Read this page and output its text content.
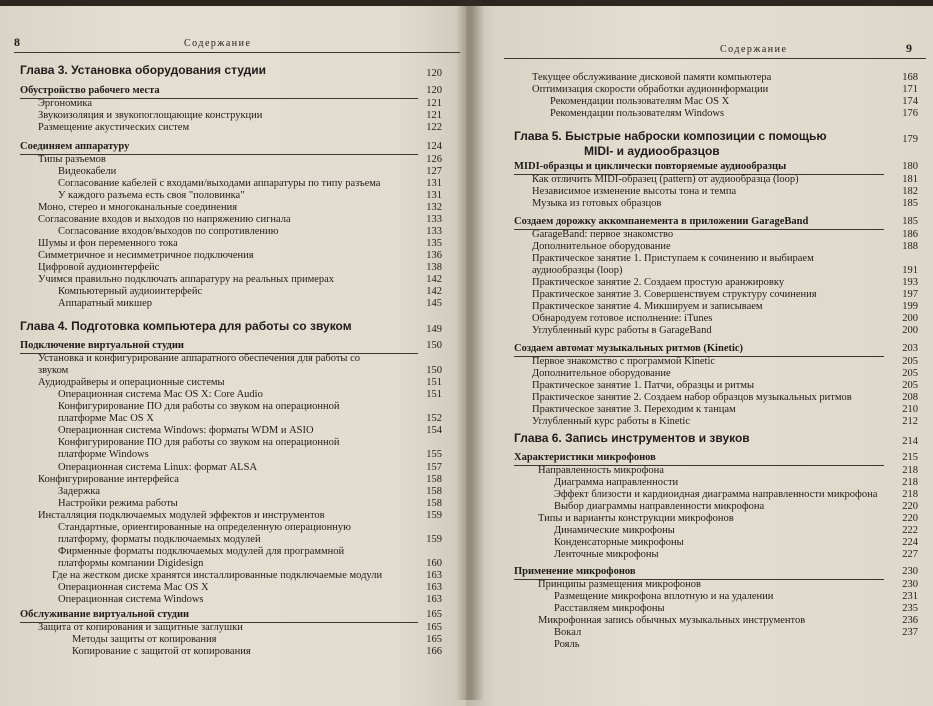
8	Содержание
Глава 3. Установка оборудования студии	120
Обустройство рабочего места	120
Эргономика	121
Звукоизоляция и звукопоглощающие конструкции	121
Размещение акустических систем	122
Соединяем аппаратуру	124
Типы разъемов	126
Видеокабели	127
Согласование кабелей с входами/выходами аппаратуры по типу разъема	131
У каждого разъема есть своя "половинка"	131
Моно, стерео и многоканальные соединения	132
Согласование входов и выходов по напряжению сигнала	133
Согласование входов/выходов по сопротивлению	133
Шумы и фон переменного тока	135
Симметричное и несимметричное подключения	136
Цифровой аудиоинтерфейс	138
Учимся правильно подключать аппаратуру на реальных примерах	142
Компьютерный аудиоинтерфейс	142
Аппаратный микшер	145
Глава 4. Подготовка компьютера для работы со звуком	149
Подключение виртуальной студии	150
Установка и конфигурирование аппаратного обеспечения для работы со
звуком	150
Аудиодрайверы и операционные системы	151
Операционная система Mac OS X: Core Audio	151
Конфигурирование ПО для работы со звуком на операционной
платформе Mac OS X	152
Операционная система Windows: форматы WDM и ASIO	154
Конфигурирование ПО для работы со звуком на операционной
платформе Windows	155
Операционная система Linux: формат ALSA	157
Конфигурирование интерфейса	158
Задержка	158
Настройки режима работы	158
Инсталляция подключаемых модулей эффектов и инструментов	159
Стандартные, ориентированные на определенную операционную
платформу, форматы подключаемых модулей	159
Фирменные форматы подключаемых модулей для программной
платформы компании Digidesign	160
Где на жестком диске хранятся инсталлированные подключаемые модули	163
Операционная система Mac OS X	163
Операционная система Windows	163
Обслуживание виртуальной студии	165
Защита от копирования и защитные заглушки	165
Методы защиты от копирования	165
Копирование с защитой от копирования	166
Содержание	9
Текущее обслуживание дисковой памяти компьютера	168
Оптимизация скорости обработки аудиоинформации	171
Рекомендации пользователям Mac OS X	174
Рекомендации пользователям Windows	176
Глава 5. Быстрые наброски композиции с помощью	179
MIDI- и аудиообразцов
MIDI-образцы и циклически повторяемые аудиообразцы	180
Как отличить MIDI-образец (pattern) от аудиообразца (loop)	181
Независимое изменение высоты тона и темпа	182
Музыка из готовых образцов	185
Создаем дорожку аккомпанемента в приложении GarageBand	185
GarageBand: первое знакомство	186
Дополнительное оборудование	188
Практическое занятие 1. Приступаем к сочинению и выбираем
аудиообразцы (loop)	191
Практическое занятие 2. Создаем простую аранжировку	193
Практическое занятие 3. Совершенствуем структуру сочинения	197
Практическое занятие 4. Микшируем и записываем	199
Обнародуем готовое исполнение: iTunes	200
Углубленный курс работы в GarageBand	200
Создаем автомат музыкальных ритмов (Kinetic)	203
Первое знакомство с программой Kinetic	205
Дополнительное оборудование	205
Практическое занятие 1. Патчи, образцы и ритмы	205
Практическое занятие 2. Создаем набор образцов музыкальных ритмов	208
Практическое занятие 3. Переходим к танцам	210
Углубленный курс работы в Kinetic	212
Глава 6. Запись инструментов и звуков	214
Характеристики микрофонов	215
Направленность микрофона	218
Диаграмма направленности	218
Эффект близости и кардиоидная диаграмма направленности микрофона	218
Выбор диаграммы направленности микрофона	220
Типы и варианты конструкции микрофонов	220
Динамические микрофоны	222
Конденсаторные микрофоны	224
Ленточные микрофоны	227
Применение микрофонов	230
Принципы размещения микрофонов	230
Размещение микрофона вплотную и на удалении	231
Расставляем микрофоны	235
Микрофонная запись обычных музыкальных инструментов	236
Вокал	237
Рояль
